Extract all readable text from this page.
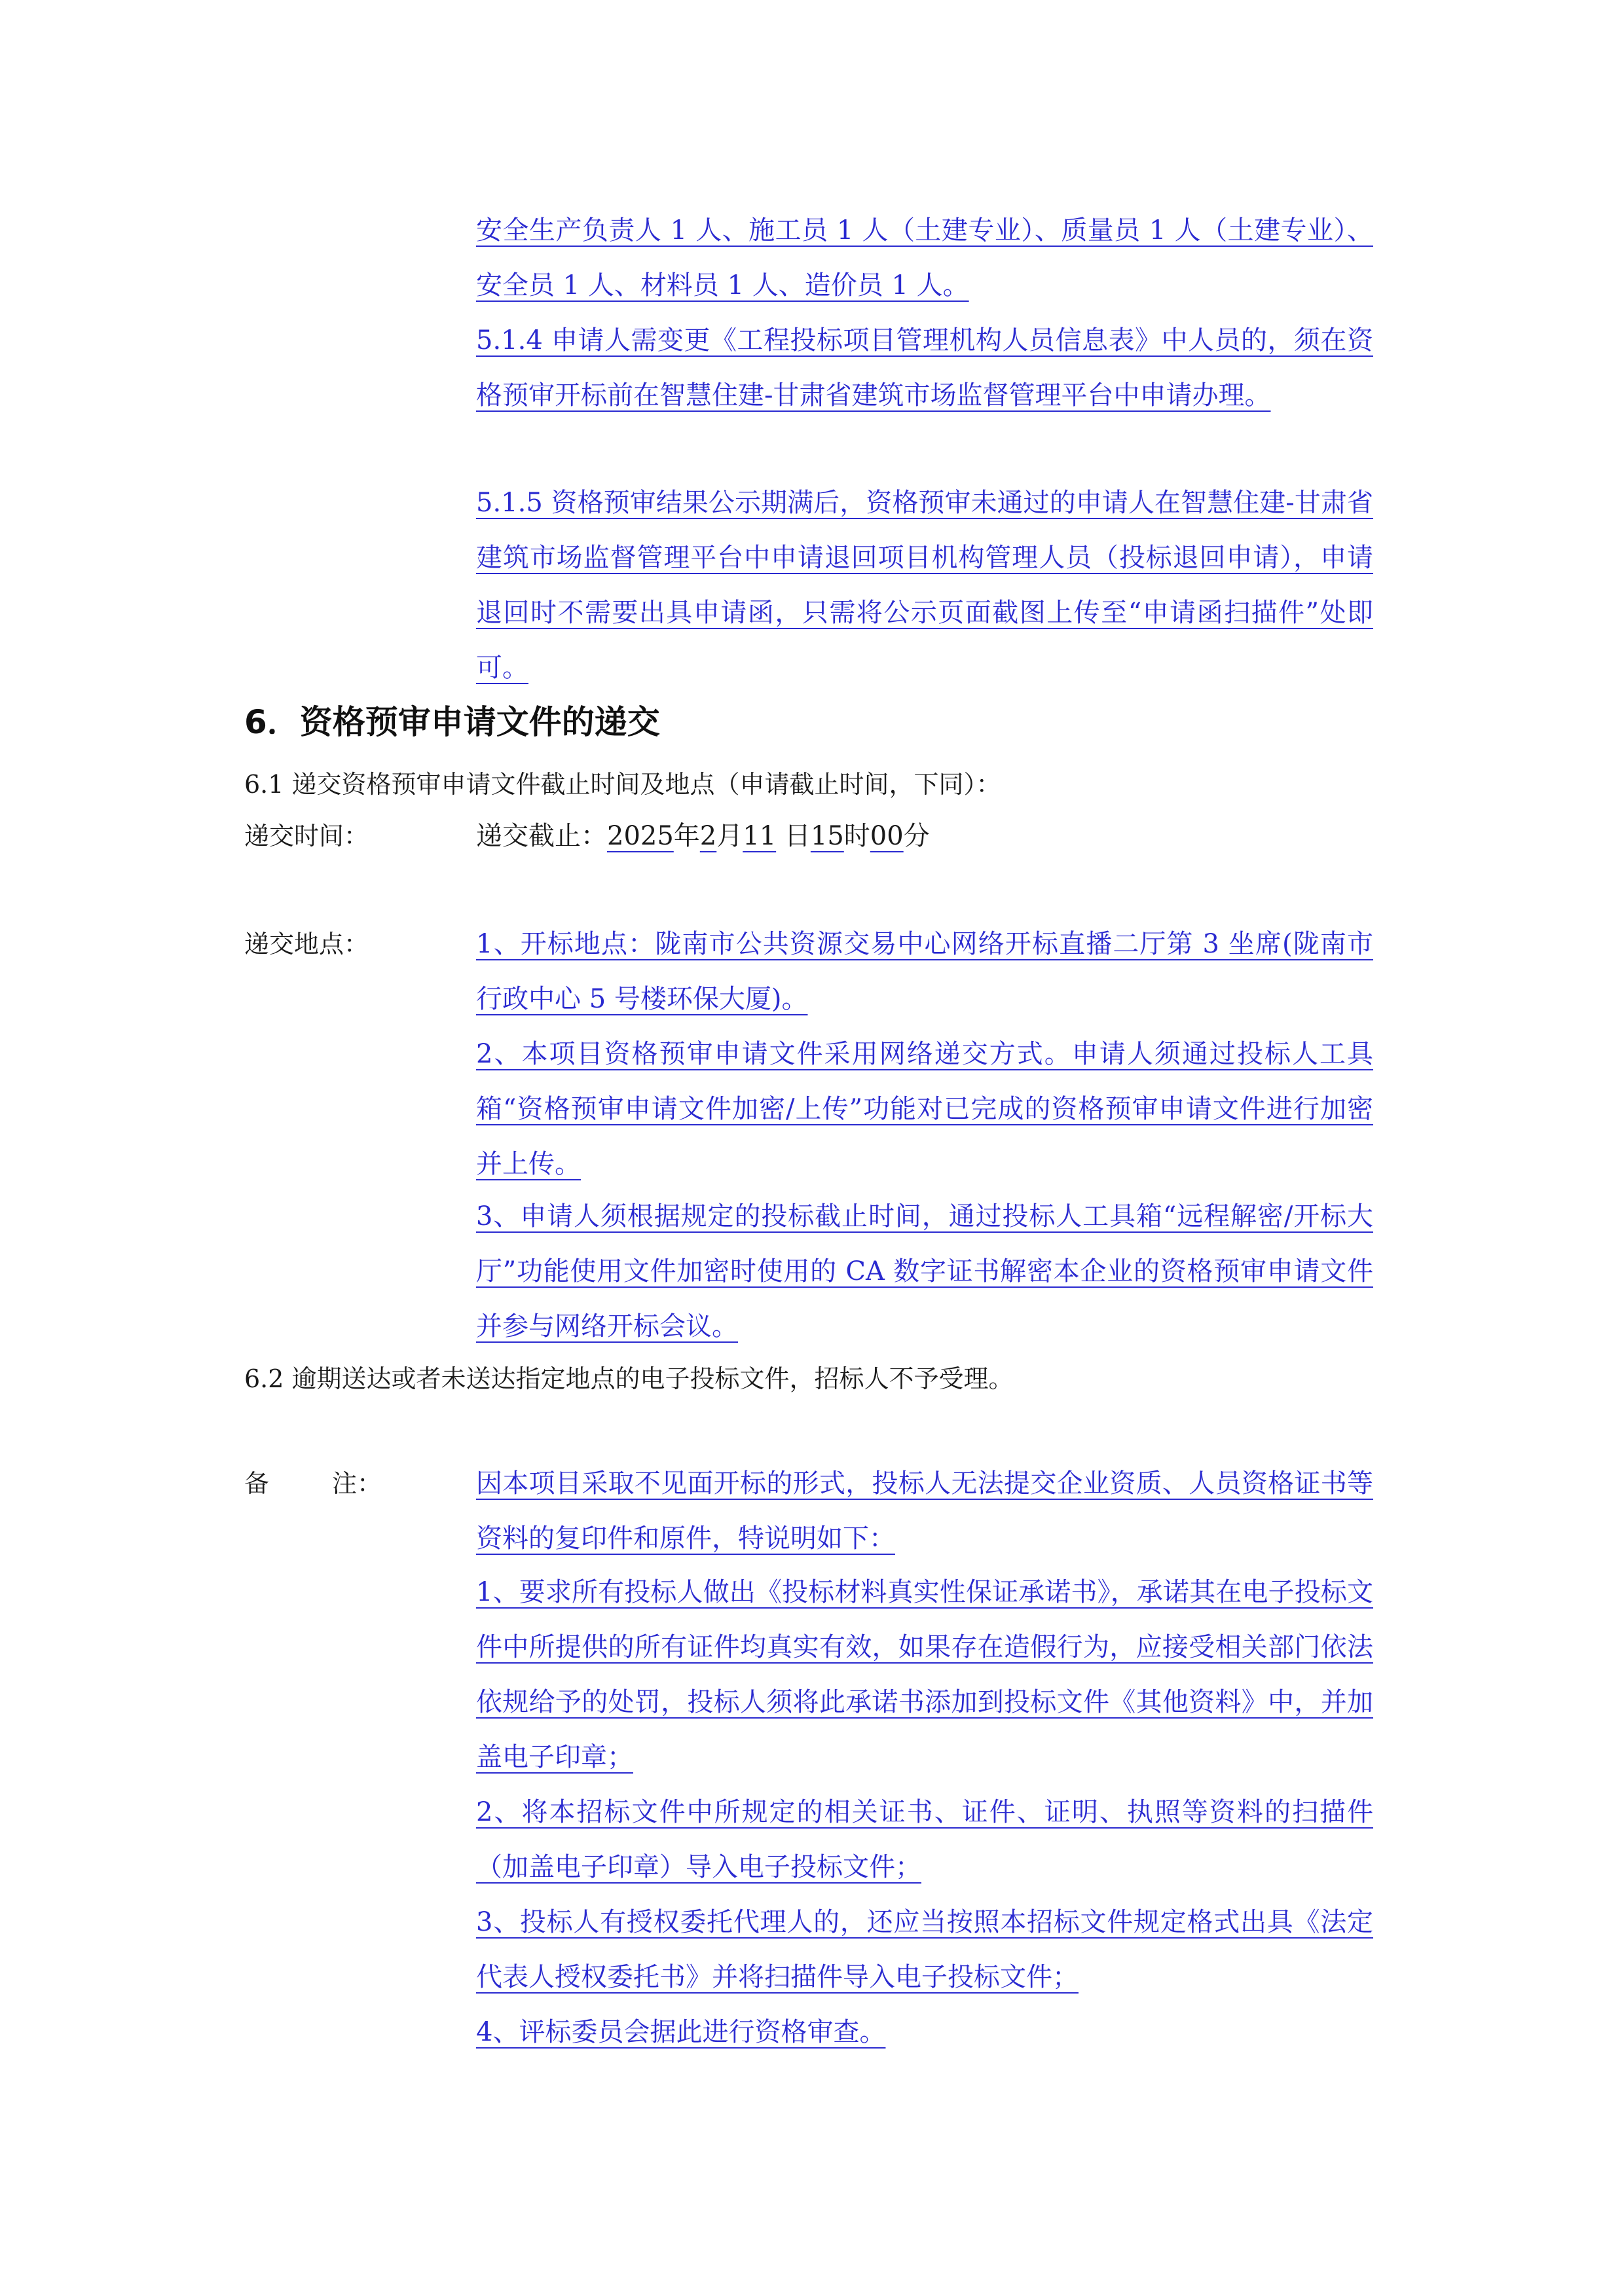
安全生产负责人 1 人、施工员 1 人（土建专业）、质量员 1 人（土建专业）、安全员 1 人、材料员 1 人、造价员 1 人。
5.1.4 申请人需变更《工程投标项目管理机构人员信息表》中人员的，须在资格预审开标前在智慧住建-甘肃省建筑市场监督管理平台中申请办理。
5.1.5 资格预审结果公示期满后，资格预审未通过的申请人在智慧住建-甘肃省建筑市场监督管理平台中申请退回项目机构管理人员（投标退回申请），申请退回时不需要出具申请函，只需将公示页面截图上传至“申请函扫描件”处即可。
6．资格预审申请文件的递交
6.1 递交资格预审申请文件截止时间及地点（申请截止时间，下同）：
递交时间：	递交截止：2025年2月11 日15时00分
递交地点：	1、开标地点：陇南市公共资源交易中心网络开标直播二厅第 3 坐席(陇南市行政中心 5 号楼环保大厦)。
2、本项目资格预审申请文件采用网络递交方式。申请人须通过投标人工具箱“资格预审申请文件加密/上传”功能对已完成的资格预审申请文件进行加密并上传。
3、申请人须根据规定的投标截止时间，通过投标人工具箱“远程解密/开标大厅”功能使用文件加密时使用的 CA 数字证书解密本企业的资格预审申请文件并参与网络开标会议。
6.2 逾期送达或者未送达指定地点的电子投标文件，招标人不予受理。
备	注：	因本项目采取不见面开标的形式，投标人无法提交企业资质、人员资格证书等资料的复印件和原件，特说明如下：
1、要求所有投标人做出《投标材料真实性保证承诺书》，承诺其在电子投标文件中所提供的所有证件均真实有效，如果存在造假行为，应接受相关部门依法依规给予的处罚，投标人须将此承诺书添加到投标文件《其他资料》中，并加盖电子印章；
2、将本招标文件中所规定的相关证书、证件、证明、执照等资料的扫描件（加盖电子印章）导入电子投标文件；
3、投标人有授权委托代理人的，还应当按照本招标文件规定格式出具《法定代表人授权委托书》并将扫描件导入电子投标文件；
4、评标委员会据此进行资格审查。
